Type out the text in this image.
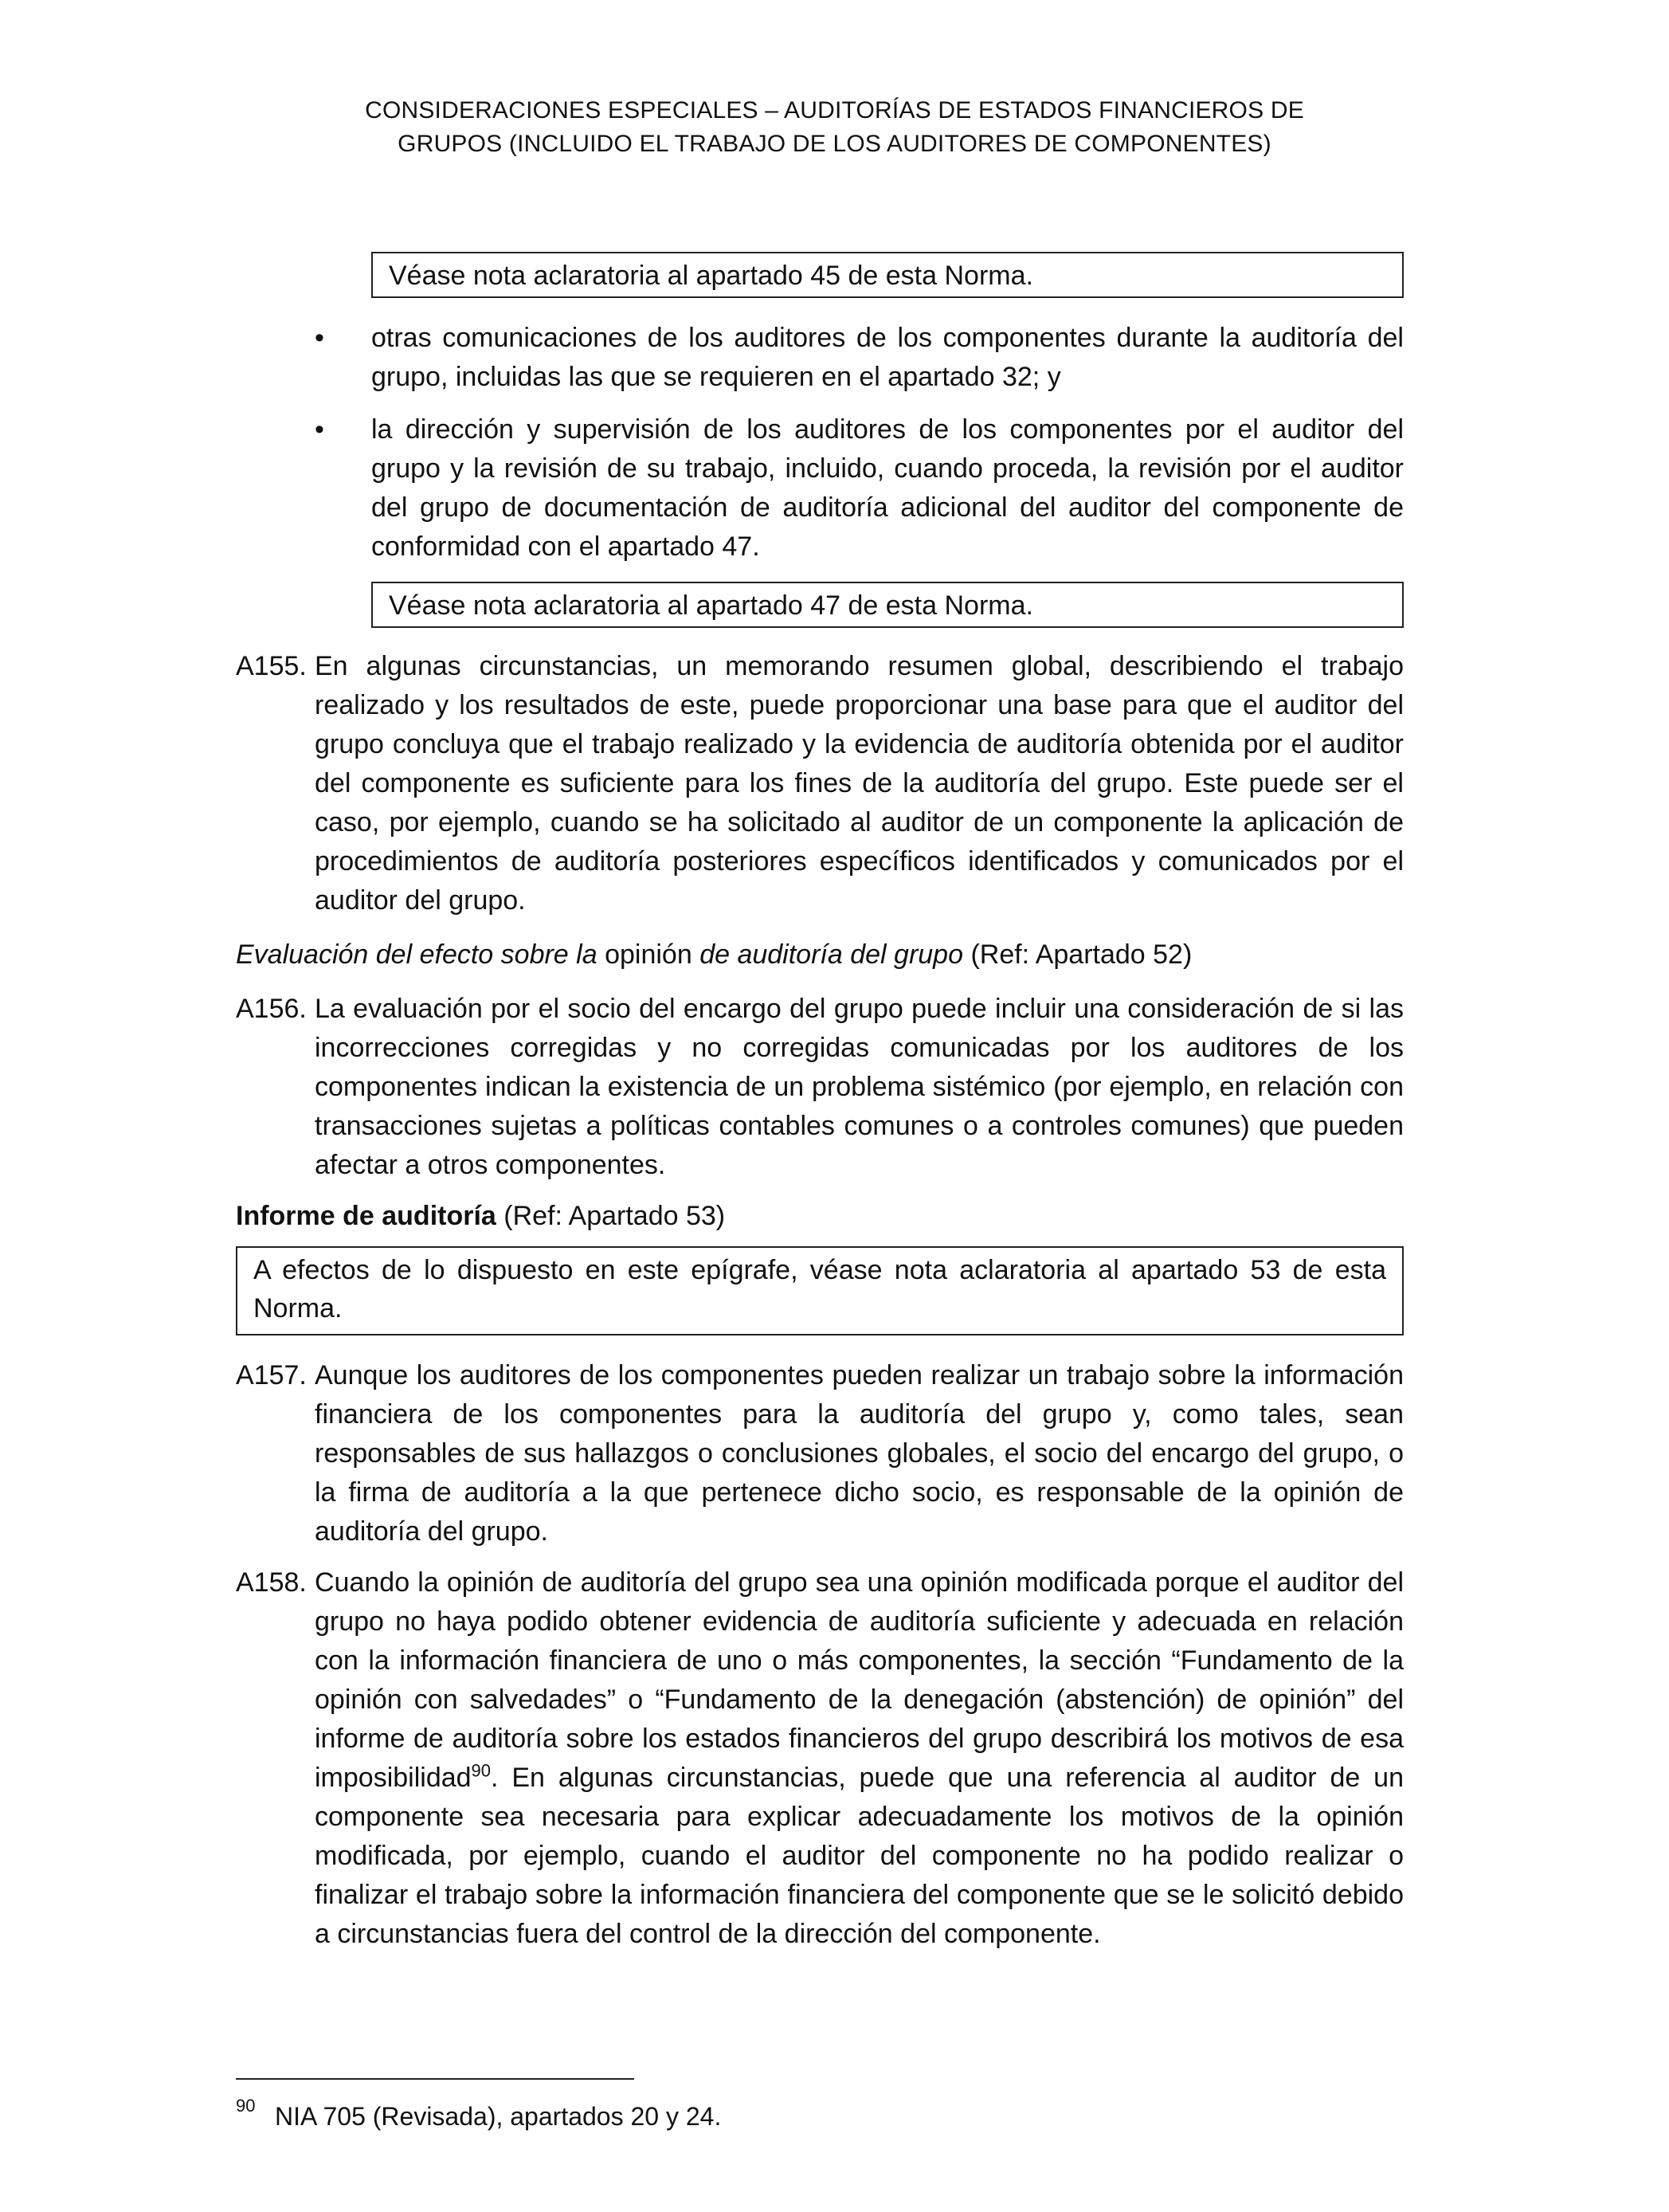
CONSIDERACIONES ESPECIALES – AUDITORÍAS DE ESTADOS FINANCIEROS DE
GRUPOS (INCLUIDO EL TRABAJO DE LOS AUDITORES DE COMPONENTES)
Véase nota aclaratoria al apartado 45 de esta Norma.
• otras comunicaciones de los auditores de los componentes durante la auditoría del grupo, incluidas las que se requieren en el apartado 32; y
• la dirección y supervisión de los auditores de los componentes por el auditor del grupo y la revisión de su trabajo, incluido, cuando proceda, la revisión por el auditor del grupo de documentación de auditoría adicional del auditor del componente de conformidad con el apartado 47.
Véase nota aclaratoria al apartado 47 de esta Norma.
A155. En algunas circunstancias, un memorando resumen global, describiendo el trabajo realizado y los resultados de este, puede proporcionar una base para que el auditor del grupo concluya que el trabajo realizado y la evidencia de auditoría obtenida por el auditor del componente es suficiente para los fines de la auditoría del grupo. Este puede ser el caso, por ejemplo, cuando se ha solicitado al auditor de un componente la aplicación de procedimientos de auditoría posteriores específicos identificados y comunicados por el auditor del grupo.
Evaluación del efecto sobre la opinión de auditoría del grupo (Ref: Apartado 52)
A156. La evaluación por el socio del encargo del grupo puede incluir una consideración de si las incorrecciones corregidas y no corregidas comunicadas por los auditores de los componentes indican la existencia de un problema sistémico (por ejemplo, en relación con transacciones sujetas a políticas contables comunes o a controles comunes) que pueden afectar a otros componentes.
Informe de auditoría (Ref: Apartado 53)
A efectos de lo dispuesto en este epígrafe, véase nota aclaratoria al apartado 53 de esta Norma.
A157. Aunque los auditores de los componentes pueden realizar un trabajo sobre la información financiera de los componentes para la auditoría del grupo y, como tales, sean responsables de sus hallazgos o conclusiones globales, el socio del encargo del grupo, o la firma de auditoría a la que pertenece dicho socio, es responsable de la opinión de auditoría del grupo.
A158. Cuando la opinión de auditoría del grupo sea una opinión modificada porque el auditor del grupo no haya podido obtener evidencia de auditoría suficiente y adecuada en relación con la información financiera de uno o más componentes, la sección “Fundamento de la opinión con salvedades” o “Fundamento de la denegación (abstención) de opinión” del informe de auditoría sobre los estados financieros del grupo describirá los motivos de esa imposibilidad$^{90}$. En algunas circunstancias, puede que una referencia al auditor de un componente sea necesaria para explicar adecuadamente los motivos de la opinión modificada, por ejemplo, cuando el auditor del componente no ha podido realizar o finalizar el trabajo sobre la información financiera del componente que se le solicitó debido a circunstancias fuera del control de la dirección del componente.
90 NIA 705 (Revisada), apartados 20 y 24.
